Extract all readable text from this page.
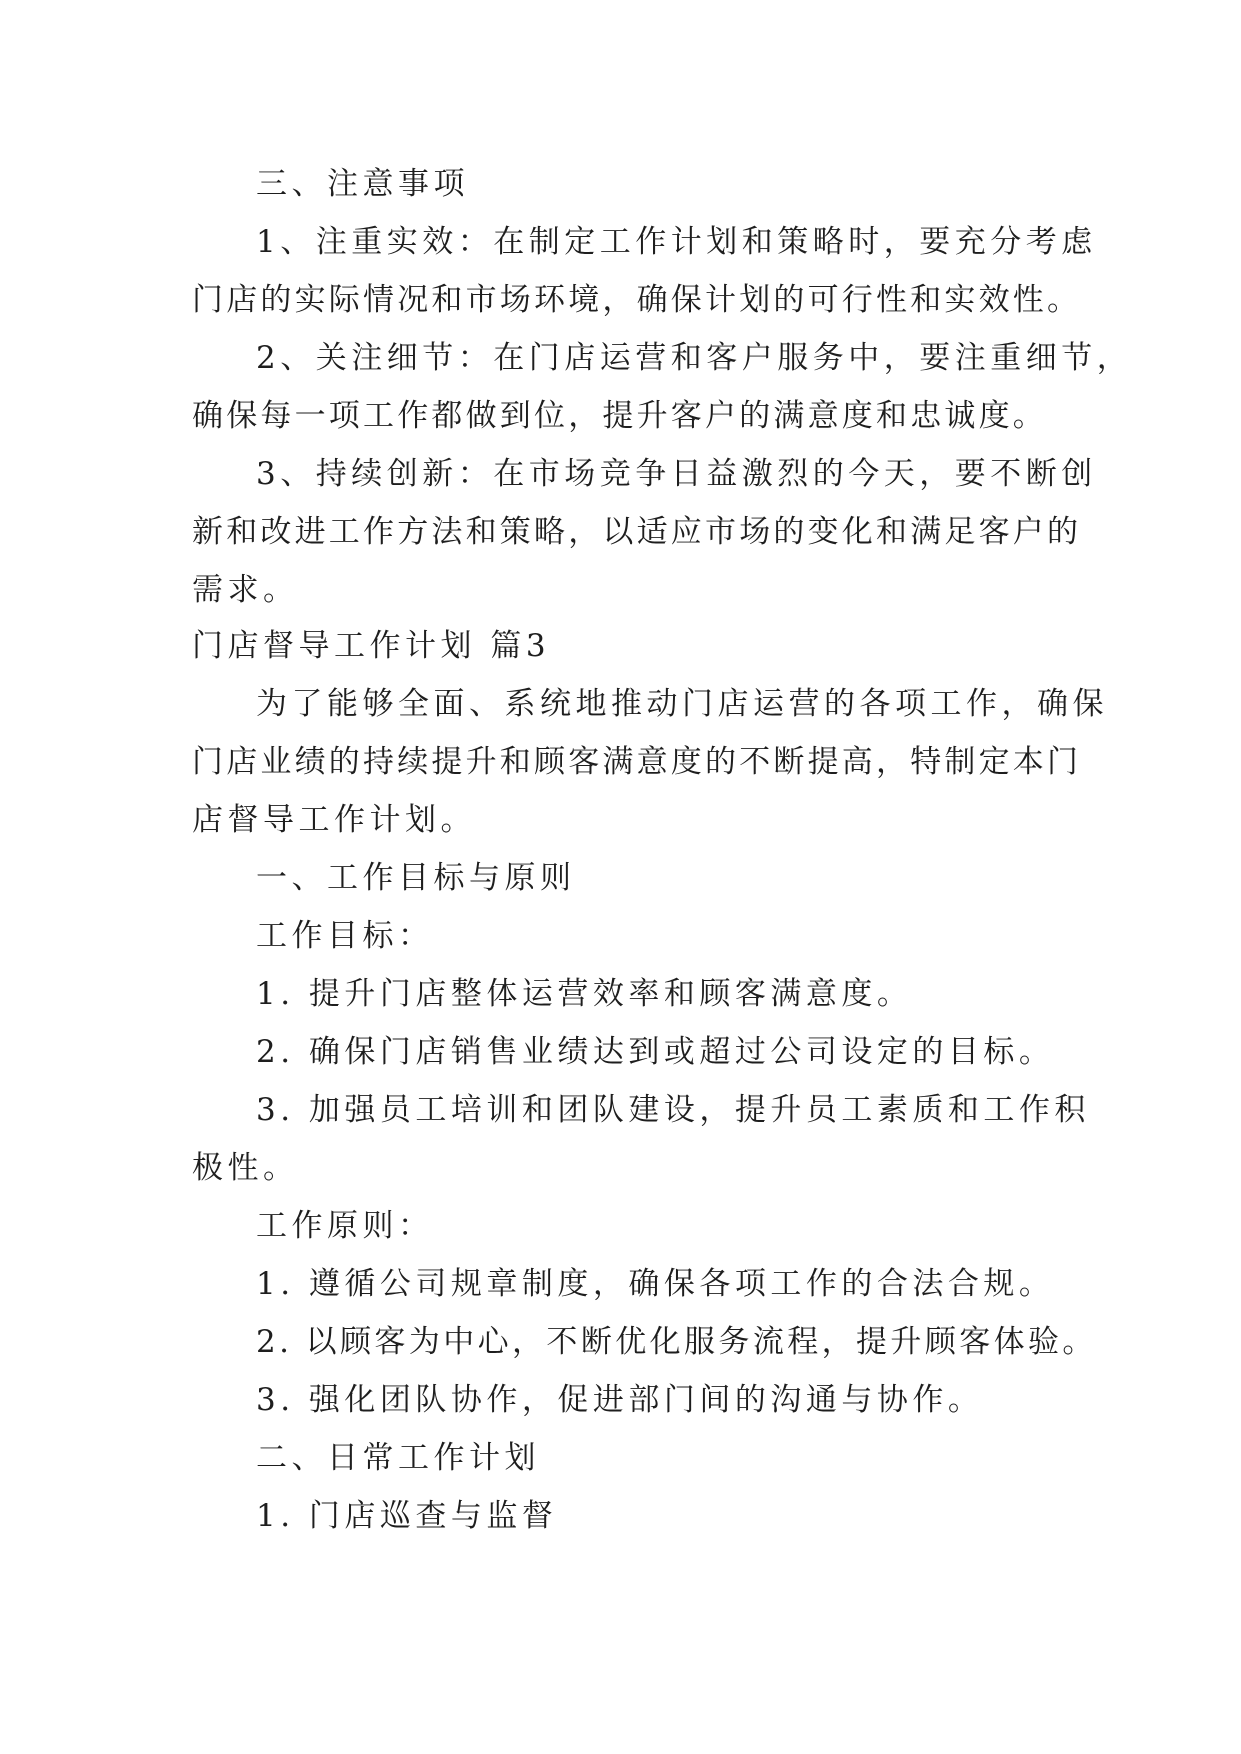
三、注意事项
1、注重实效：在制定工作计划和策略时，要充分考虑
门店的实际情况和市场环境，确保计划的可行性和实效性。
2、关注细节：在门店运营和客户服务中，要注重细节，
确保每一项工作都做到位，提升客户的满意度和忠诚度。
3、持续创新：在市场竞争日益激烈的今天，要不断创
新和改进工作方法和策略，以适应市场的变化和满足客户的
需求。
门店督导工作计划 篇3
为了能够全面、系统地推动门店运营的各项工作，确保
门店业绩的持续提升和顾客满意度的不断提高，特制定本门
店督导工作计划。
一、工作目标与原则
工作目标：
1. 提升门店整体运营效率和顾客满意度。
2. 确保门店销售业绩达到或超过公司设定的目标。
3. 加强员工培训和团队建设，提升员工素质和工作积
极性。
工作原则：
1. 遵循公司规章制度，确保各项工作的合法合规。
2. 以顾客为中心，不断优化服务流程，提升顾客体验。
3. 强化团队协作，促进部门间的沟通与协作。
二、日常工作计划
1. 门店巡查与监督
